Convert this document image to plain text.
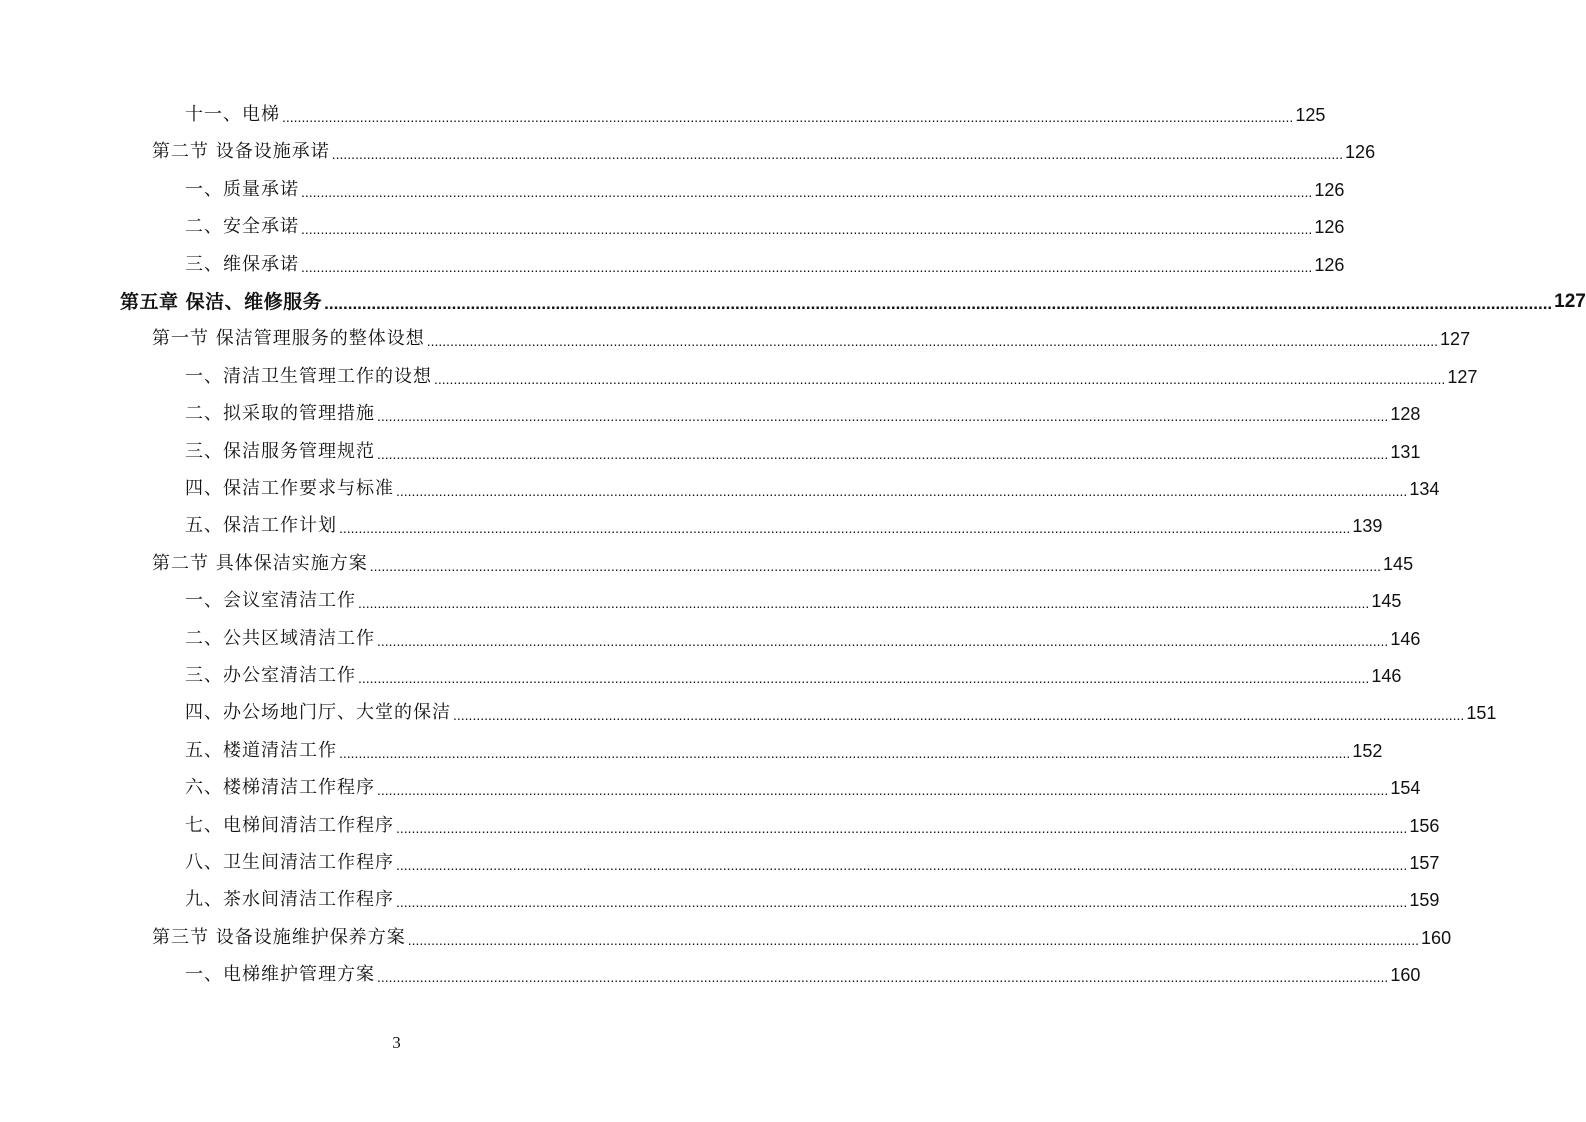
十一、电梯 .................................................................................................................................................................................................................................................................... 125
第二节 设备设施承诺 .................................................................................................................................................................................................................................................................... 126
一、质量承诺 .................................................................................................................................................................................................................................................................... 126
二、安全承诺 .................................................................................................................................................................................................................................................................... 126
三、维保承诺 .................................................................................................................................................................................................................................................................... 126
第五章 保洁、维修服务 .................................................................................................................................................................................................................................................................... 127
第一节 保洁管理服务的整体设想 .................................................................................................................................................................................................................................................................... 127
一、清洁卫生管理工作的设想 .................................................................................................................................................................................................................................................................... 127
二、拟采取的管理措施 .................................................................................................................................................................................................................................................................... 128
三、保洁服务管理规范 .................................................................................................................................................................................................................................................................... 131
四、保洁工作要求与标准 .................................................................................................................................................................................................................................................................... 134
五、保洁工作计划 .................................................................................................................................................................................................................................................................... 139
第二节 具体保洁实施方案 .................................................................................................................................................................................................................................................................... 145
一、会议室清洁工作 .................................................................................................................................................................................................................................................................... 145
二、公共区域清洁工作 .................................................................................................................................................................................................................................................................... 146
三、办公室清洁工作 .................................................................................................................................................................................................................................................................... 146
四、办公场地门厅、大堂的保洁 .................................................................................................................................................................................................................................................................... 151
五、楼道清洁工作 .................................................................................................................................................................................................................................................................... 152
六、楼梯清洁工作程序 .................................................................................................................................................................................................................................................................... 154
七、电梯间清洁工作程序 .................................................................................................................................................................................................................................................................... 156
八、卫生间清洁工作程序 .................................................................................................................................................................................................................................................................... 157
九、茶水间清洁工作程序 .................................................................................................................................................................................................................................................................... 159
第三节 设备设施维护保养方案 .................................................................................................................................................................................................................................................................... 160
一、电梯维护管理方案 .................................................................................................................................................................................................................................................................... 160
3
